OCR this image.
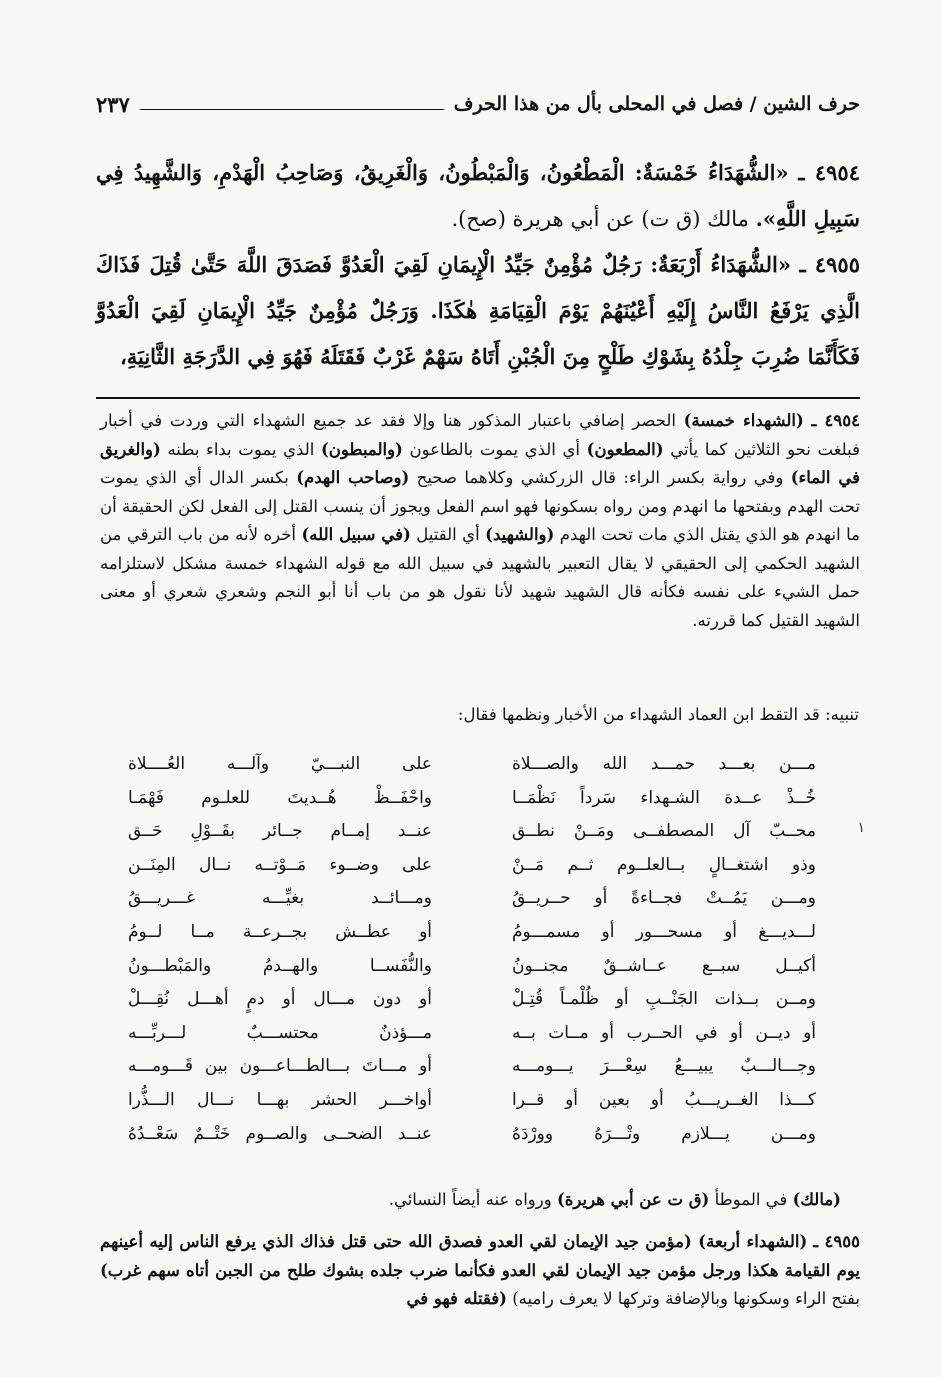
حرف الشين / فصل في المحلى بأل من هذا الحرف
٢٣٧
٤٩٥٤ ـ «الشُّهَدَاءُ خَمْسَةٌ: الْمَطْعُونُ، وَالْمَبْطُونُ، وَالْغَرِيقُ، وَصَاحِبُ الْهَدْمِ، وَالشَّهِيدُ فِي سَبِيلِ اللَّهِ». مالك (ق ت) عن أبي هريرة (صح).
٤٩٥٥ ـ «الشُّهَدَاءُ أَرْبَعَةٌ: رَجُلٌ مُؤْمِنٌ جَيِّدُ الْإِيمَانِ لَقِيَ الْعَدُوَّ فَصَدَقَ اللَّهَ حَتَّىٰ قُتِلَ فَذَاكَ الَّذِي يَرْفَعُ النَّاسُ إِلَيْهِ أَعْيُنَهُمْ يَوْمَ الْقِيَامَةِ هٰكَذَا. وَرَجُلٌ مُؤْمِنٌ جَيِّدُ الْإِيمَانِ لَقِيَ الْعَدُوَّ فَكَأَنَّمَا ضُرِبَ جِلْدُهُ بِشَوْكِ طَلْحٍ مِنَ الْجُبْنِ أَتَاهُ سَهْمٌ غَرْبٌ فَقَتَلَهُ فَهُوَ فِي الدَّرَجَةِ الثَّانِيَةِ،
٤٩٥٤ ـ (الشهداء خمسة) الحصر إضافي باعتبار المذكور هنا وإلا فقد عد جميع الشهداء التي وردت في أخبار فبلغت نحو الثلاثين كما يأتي (المطعون) أي الذي يموت بالطاعون (والمبطون) الذي يموت بداء بطنه (والغريق في الماء) وفي رواية بكسر الراء: قال الزركشي وكلاهما صحيح (وصاحب الهدم) بكسر الدال أي الذي يموت تحت الهدم وبفتحها ما انهدم ومن رواه بسكونها فهو اسم الفعل ويجوز أن ينسب القتل إلى الفعل لكن الحقيقة أن ما انهدم هو الذي يقتل الذي مات تحت الهدم (والشهيد) أي القتيل (في سبيل الله) أخره لأنه من باب الترقي من الشهيد الحكمي إلى الحقيقي لا يقال التعبير بالشهيد في سبيل الله مع قوله الشهداء خمسة مشكل لاستلزامه حمل الشيء على نفسه فكأنه قال الشهيد شهيد لأنا نقول هو من باب أنا أبو النجم وشعري شعري أو معنى الشهيد القتيل كما قررته.
تنبيه: قد التقط ابن العماد الشهداء من الأخبار ونظمها فقال:
١
مـــن بعـــد حمـــد الله والصـــلاة
على النبـــيّ وآلـــه العُــــلاة
خُــذْ عــدة الشـهداء سَرداً نَظْمَــا
واحْفَــظْ هُــديتَ للعلـوم فَهْمَـا
محــبّ آل المصطفــى ومَــنْ نطــق
عنــد إمــام جــائر بقَــوْلِ حَــق
وذو اشتغــالٍ بــالعلــوم ثــم مَــنْ
على وضــوء مَــوْتــه نــال المِنَــن
ومـــن يَمُــتْ فجــاءةً أو حــريــقُ
ومـــائــد بغيِّـــه غـــريـــقُ
لـــديـــغ أو مسحـــور أو مسمـــومُ
أو عطــش بجــرعــة مــا لــومُ
أكيــل سبــع عــاشــقٌ مجنــونُ
والنُّفَســا والهــدمُ والمَبْطـــونُ
ومــن بــذات الجَنْــبِ أو ظُلْمـاً قُتِـلْ
أو دون مـــال أو دمٍ أهـــل نُقِـــلْ
أو ديــن أو في الحــرب أو مــات بــه
مـــؤذنٌ محتســـبٌ لـــربِّـــه
وجـــالـــبٌ يبيـــعُ سِعْـــرَ يـــومـــه
أو مـــاتَ بـــالطـــاعـــون بين قَـــومـــه
كـــذا الغــريـــبُ أو بعين أو قــرا
أواخـــر الحشر بهـــا نـــال الـــذُّرا
ومـــن يـــلازم وتْـــرَهُ وورْدَهُ
عنــد الضحــى والصــوم خَتْــمٌ سَعْــدُهُ
(مالك) في الموطأ (ق ت عن أبي هريرة) ورواه عنه أيضاً النسائي.
٤٩٥٥ ـ (الشهداء أربعة) (مؤمن جيد الإيمان لقي العدو فصدق الله حتى قتل فذاك الذي يرفع الناس إليه أعينهم يوم القيامة هكذا ورجل مؤمن جيد الإيمان لقي العدو فكأنما ضرب جلده بشوك طلح من الجبن أتاه سهم غرب) بفتح الراء وسكونها وبالإضافة وتركها لا يعرف راميه) (فقتله فهو في
